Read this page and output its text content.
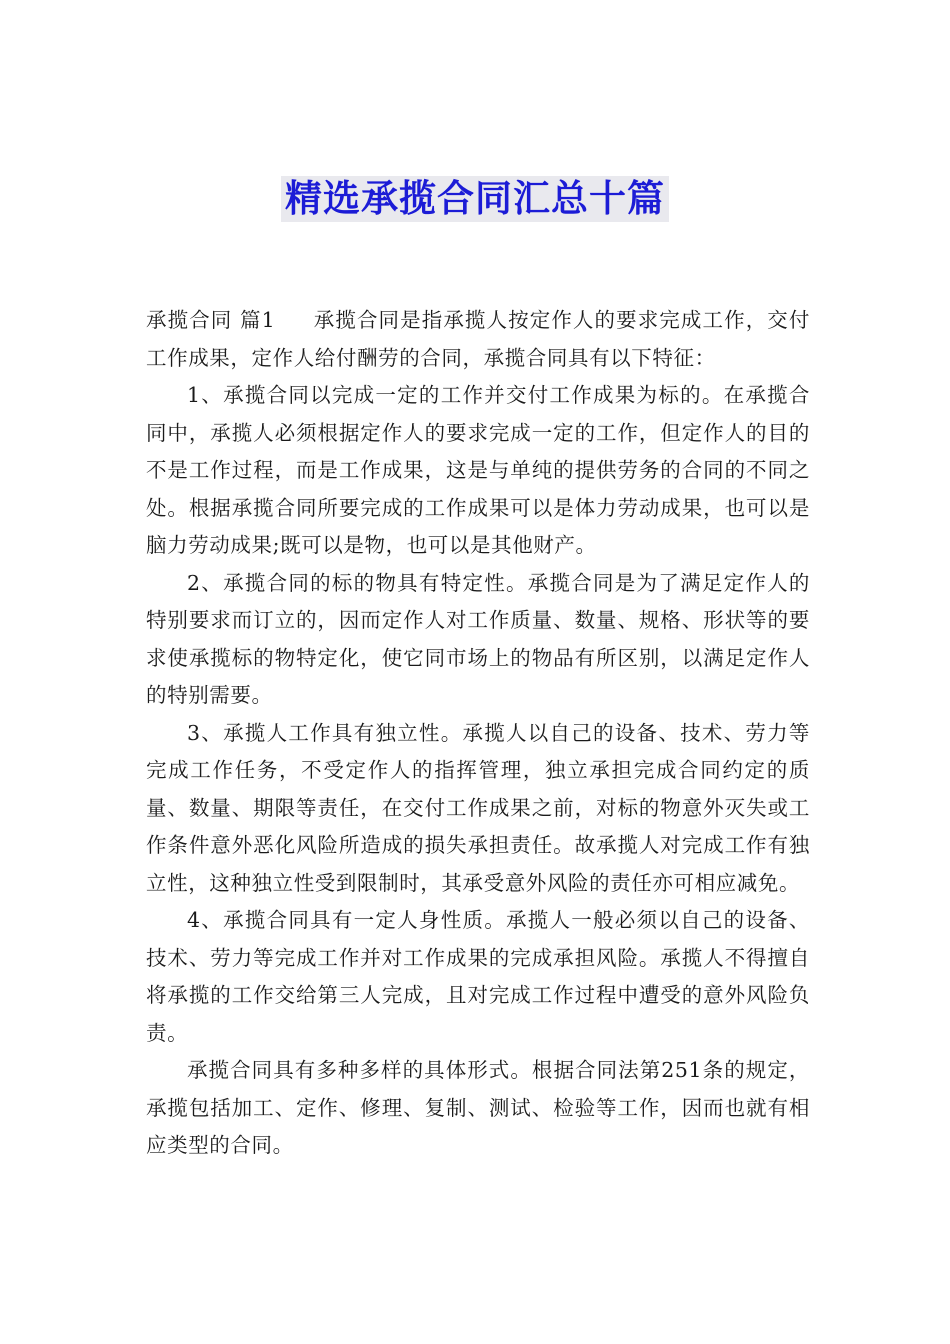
精选承揽合同汇总十篇

承揽合同 篇1 承揽合同是指承揽人按定作人的要求完成工作，交付工作成果，定作人给付酬劳的合同，承揽合同具有以下特征：

1、承揽合同以完成一定的工作并交付工作成果为标的。在承揽合同中，承揽人必须根据定作人的要求完成一定的工作，但定作人的目的不是工作过程，而是工作成果，这是与单纯的提供劳务的合同的不同之处。根据承揽合同所要完成的工作成果可以是体力劳动成果，也可以是脑力劳动成果;既可以是物，也可以是其他财产。

2、承揽合同的标的物具有特定性。承揽合同是为了满足定作人的特别要求而订立的，因而定作人对工作质量、数量、规格、形状等的要求使承揽标的物特定化，使它同市场上的物品有所区别，以满足定作人的特别需要。

3、承揽人工作具有独立性。承揽人以自己的设备、技术、劳力等完成工作任务，不受定作人的指挥管理，独立承担完成合同约定的质量、数量、期限等责任，在交付工作成果之前，对标的物意外灭失或工作条件意外恶化风险所造成的损失承担责任。故承揽人对完成工作有独立性，这种独立性受到限制时，其承受意外风险的责任亦可相应减免。

4、承揽合同具有一定人身性质。承揽人一般必须以自己的设备、技术、劳力等完成工作并对工作成果的完成承担风险。承揽人不得擅自将承揽的工作交给第三人完成，且对完成工作过程中遭受的意外风险负责。

承揽合同具有多种多样的具体形式。根据合同法第251条的规定，承揽包括加工、定作、修理、复制、测试、检验等工作，因而也就有相应类型的合同。
